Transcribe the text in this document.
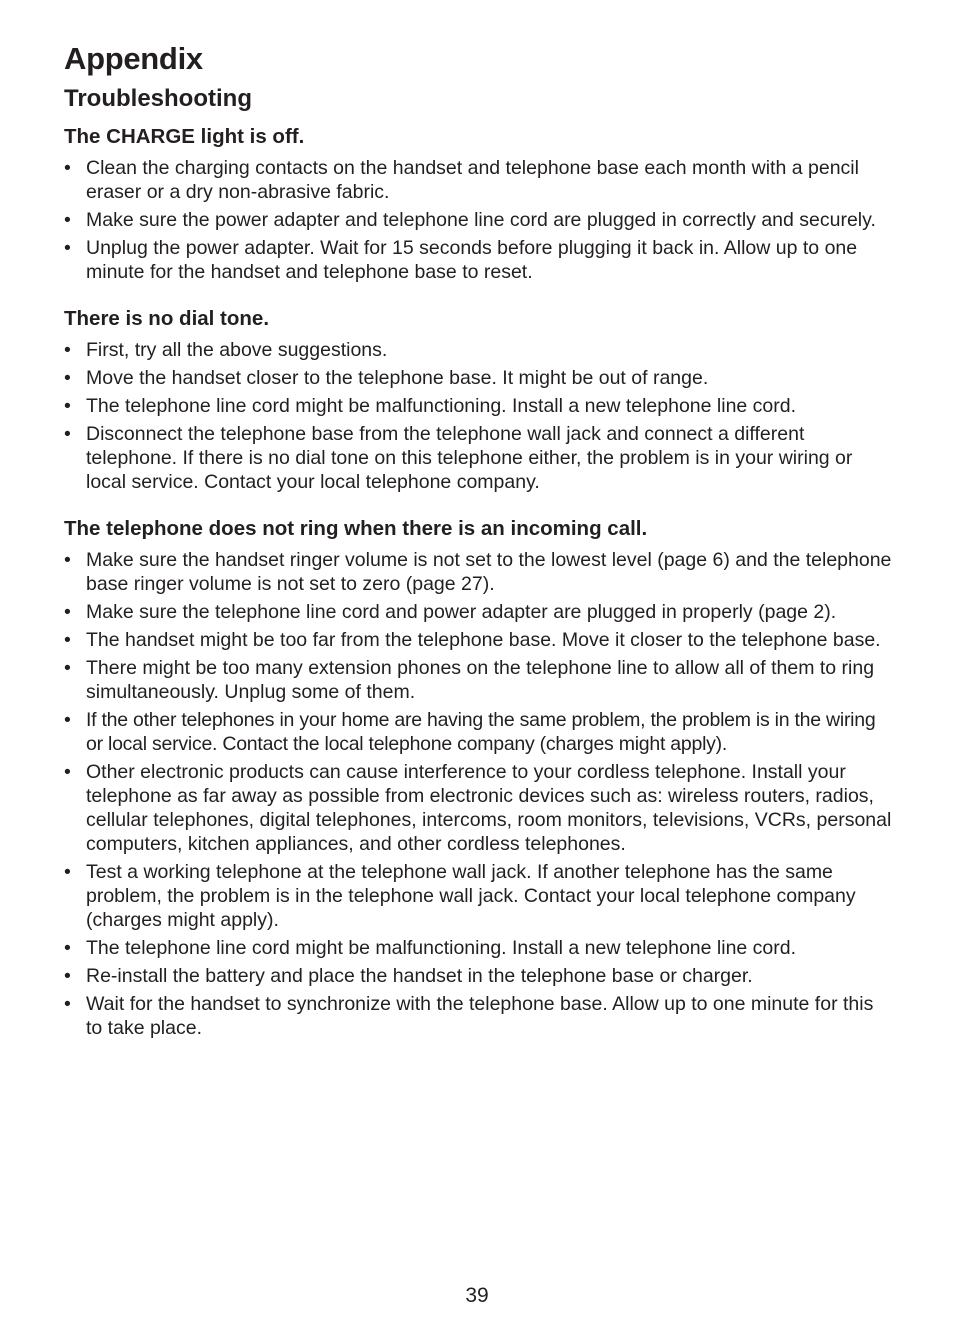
Appendix
Troubleshooting
The CHARGE light is off.
• Clean the charging contacts on the handset and telephone base each month with a pencil eraser or a dry non-abrasive fabric.
• Make sure the power adapter and telephone line cord are plugged in correctly and securely.
• Unplug the power adapter. Wait for 15 seconds before plugging it back in. Allow up to one minute for the handset and telephone base to reset.
There is no dial tone.
• First, try all the above suggestions.
• Move the handset closer to the telephone base. It might be out of range.
• The telephone line cord might be malfunctioning. Install a new telephone line cord.
• Disconnect the telephone base from the telephone wall jack and connect a different telephone. If there is no dial tone on this telephone either, the problem is in your wiring or local service. Contact your local telephone company.
The telephone does not ring when there is an incoming call.
• Make sure the handset ringer volume is not set to the lowest level (page 6) and the telephone base ringer volume is not set to zero (page 27).
• Make sure the telephone line cord and power adapter are plugged in properly (page 2).
• The handset might be too far from the telephone base. Move it closer to the telephone base.
• There might be too many extension phones on the telephone line to allow all of them to ring simultaneously. Unplug some of them.
• If the other telephones in your home are having the same problem, the problem is in the wiring or local service. Contact the local telephone company (charges might apply).
• Other electronic products can cause interference to your cordless telephone. Install your telephone as far away as possible from electronic devices such as: wireless routers, radios, cellular telephones, digital telephones, intercoms, room monitors, televisions, VCRs, personal computers, kitchen appliances, and other cordless telephones.
• Test a working telephone at the telephone wall jack. If another telephone has the same problem, the problem is in the telephone wall jack. Contact your local telephone company (charges might apply).
• The telephone line cord might be malfunctioning. Install a new telephone line cord.
• Re-install the battery and place the handset in the telephone base or charger.
• Wait for the handset to synchronize with the telephone base. Allow up to one minute for this to take place.
39
